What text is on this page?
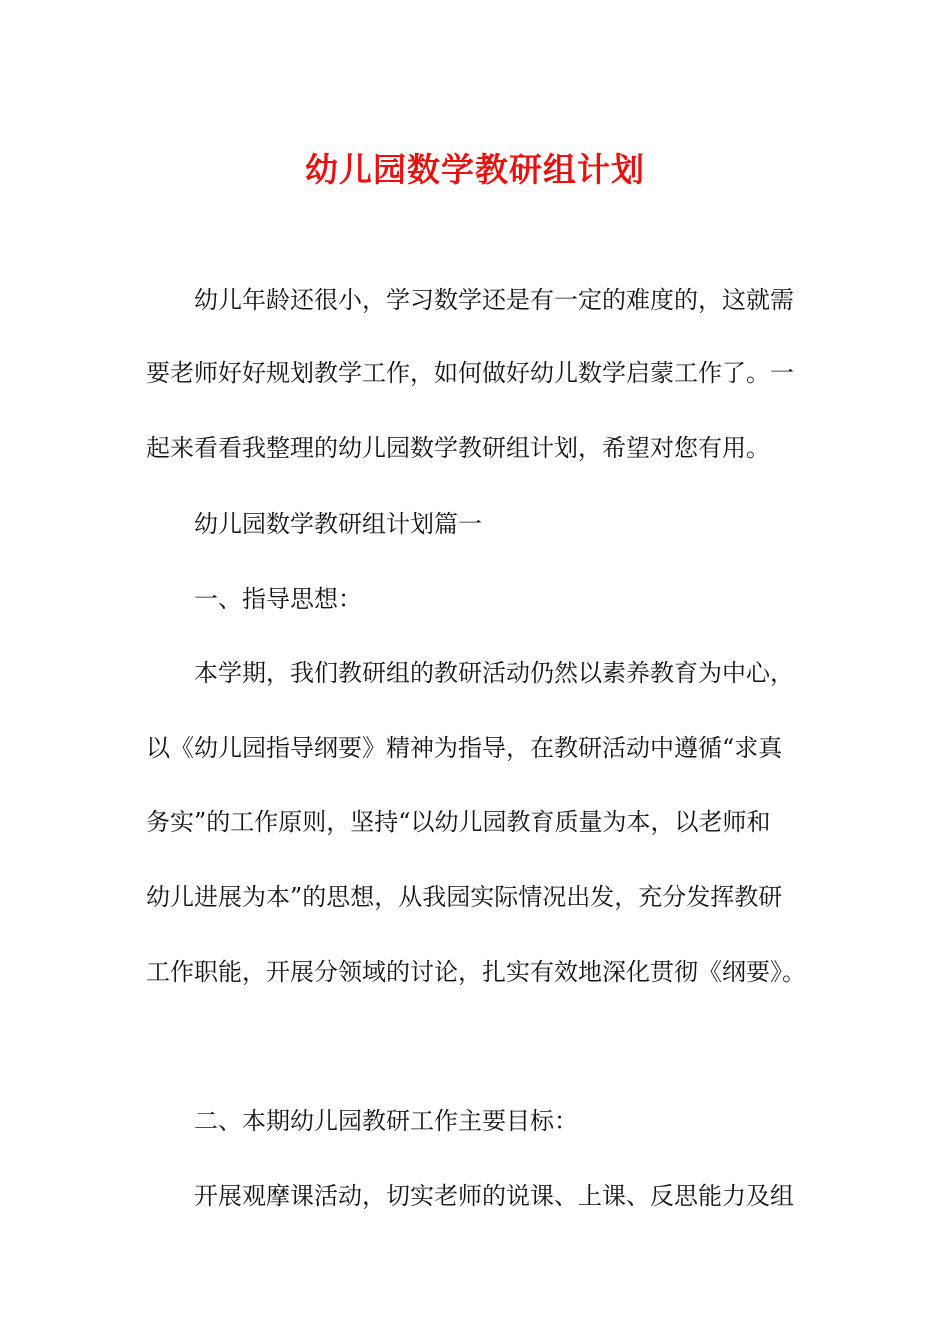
幼儿园数学教研组计划

幼儿年龄还很小，学习数学还是有一定的难度的，这就需

要老师好好规划教学工作，如何做好幼儿数学启蒙工作了。一

起来看看我整理的幼儿园数学教研组计划，希望对您有用。

幼儿园数学教研组计划篇一

一、指导思想：

本学期，我们教研组的教研活动仍然以素养教育为中心，

以《幼儿园指导纲要》精神为指导，在教研活动中遵循“求真

务实”的工作原则，坚持“以幼儿园教育质量为本，以老师和

幼儿进展为本”的思想，从我园实际情况出发，充分发挥教研

工作职能，开展分领域的讨论，扎实有效地深化贯彻《纲要》。

二、本期幼儿园教研工作主要目标：

开展观摩课活动，切实老师的说课、上课、反思能力及组
